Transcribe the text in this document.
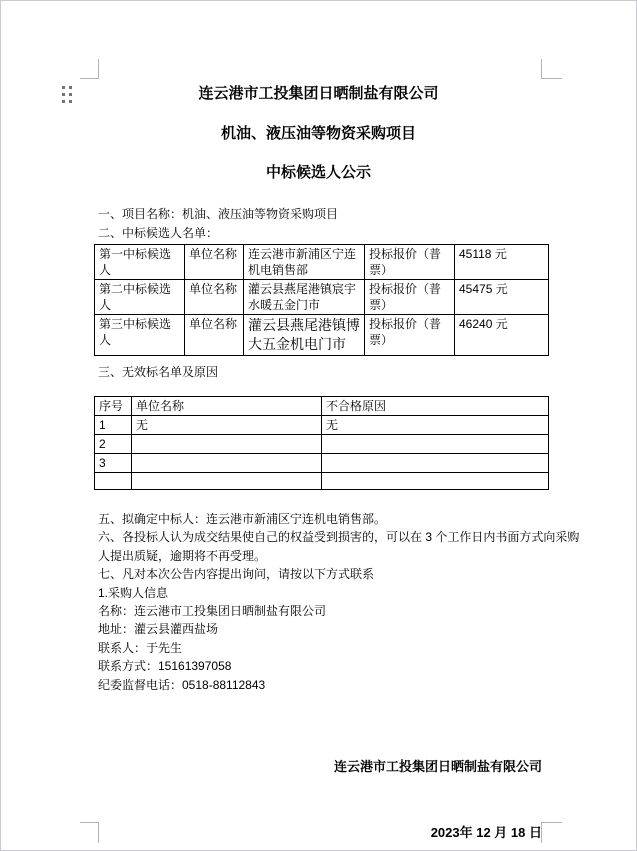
连云港市工投集团日晒制盐有限公司
机油、液压油等物资采购项目
中标候选人公示
一、项目名称：机油、液压油等物资采购项目
二、中标候选人名单：
第一中标候选人	单位名称	连云港市新浦区宁连机电销售部	投标报价（普票）	45118 元
第二中标候选人	单位名称	灌云县燕尾港镇宸宇水暖五金门市	投标报价（普票）	45475 元
第三中标候选人	单位名称	灌云县燕尾港镇博大五金机电门市	投标报价（普票）	46240 元
三、无效标名单及原因
序号	单位名称	不合格原因
1	无	无
2		
3		

五、拟确定中标人：连云港市新浦区宁连机电销售部。
六、各投标人认为成交结果使自己的权益受到损害的，可以在 3 个工作日内书面方式向采购
人提出质疑，逾期将不再受理。
七、凡对本次公告内容提出询问，请按以下方式联系
1.采购人信息
名称：连云港市工投集团日晒制盐有限公司
地址：灌云县灌西盐场
联系人：于先生
联系方式：15161397058
纪委监督电话：0518-88112843

连云港市工投集团日晒制盐有限公司

2023年 12 月 18 日
